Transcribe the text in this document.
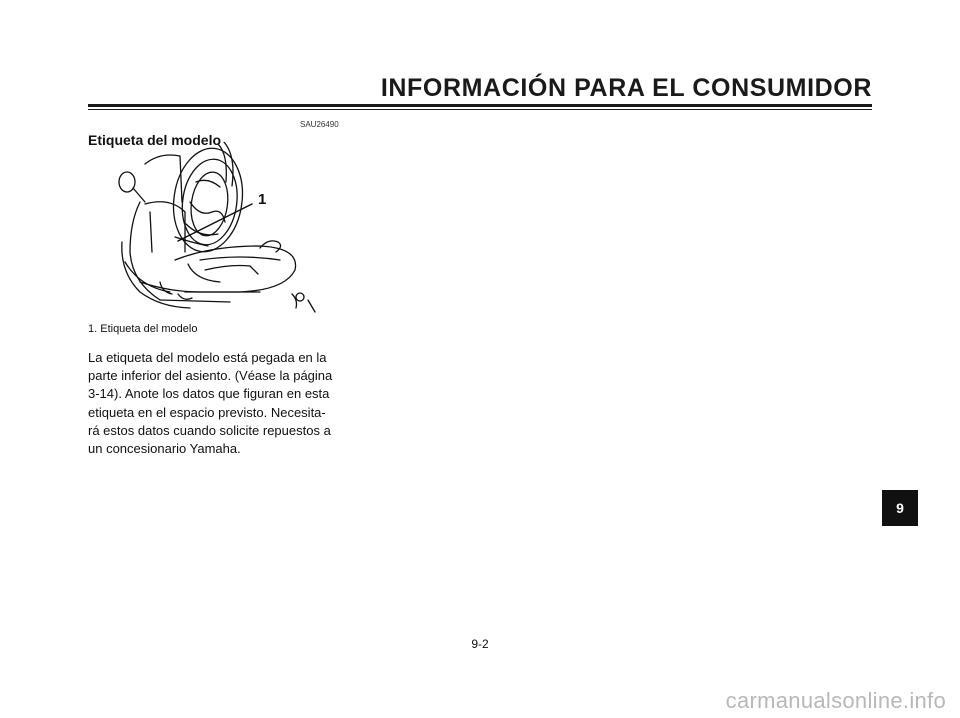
INFORMACIÓN PARA EL CONSUMIDOR
SAU26490
Etiqueta del modelo
1
1. Etiqueta del modelo
La etiqueta del modelo está pegada en la
parte inferior del asiento. (Véase la página
3-14). Anote los datos que figuran en esta
etiqueta en el espacio previsto. Necesita-
rá estos datos cuando solicite repuestos a
un concesionario Yamaha.
9
9-2
carmanualsonline.info
